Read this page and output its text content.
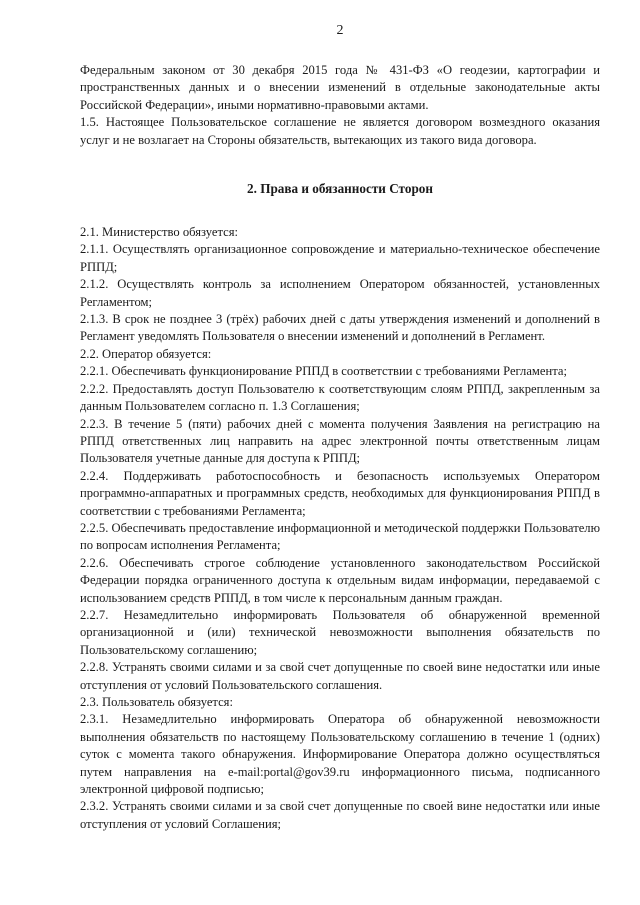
2

Федеральным законом от 30 декабря 2015 года № 431-ФЗ «О геодезии, картографии и пространственных данных и о внесении изменений в отдельные законодательные акты Российской Федерации», иными нормативно-правовыми актами.

1.5. Настоящее Пользовательское соглашение не является договором возмездного оказания услуг и не возлагает на Стороны обязательств, вытекающих из такого вида договора.

2. Права и обязанности Сторон

2.1. Министерство обязуется:

2.1.1. Осуществлять организационное сопровождение и материально-техническое обеспечение РППД;

2.1.2. Осуществлять контроль за исполнением Оператором обязанностей, установленных Регламентом;

2.1.3. В срок не позднее 3 (трёх) рабочих дней с даты утверждения изменений и дополнений в Регламент уведомлять Пользователя о внесении изменений и дополнений в Регламент.

2.2. Оператор обязуется:

2.2.1. Обеспечивать функционирование РППД в соответствии с требованиями Регламента;

2.2.2. Предоставлять доступ Пользователю к соответствующим слоям РППД, закрепленным за данным Пользователем согласно п. 1.3 Соглашения;

2.2.3. В течение 5 (пяти) рабочих дней с момента получения Заявления на регистрацию на РППД ответственных лиц направить на адрес электронной почты ответственным лицам Пользователя учетные данные для доступа к РППД;

2.2.4. Поддерживать работоспособность и безопасность используемых Оператором программно-аппаратных и программных средств, необходимых для функционирования РППД в соответствии с требованиями Регламента;

2.2.5. Обеспечивать предоставление информационной и методической поддержки Пользователю по вопросам исполнения Регламента;

2.2.6. Обеспечивать строгое соблюдение установленного законодательством Российской Федерации порядка ограниченного доступа к отдельным видам информации, передаваемой с использованием средств РППД, в том числе к персональным данным граждан.

2.2.7. Незамедлительно информировать Пользователя об обнаруженной временной организационной и (или) технической невозможности выполнения обязательств по Пользовательскому соглашению;

2.2.8. Устранять своими силами и за свой счет допущенные по своей вине недостатки или иные отступления от условий Пользовательского соглашения.

2.3. Пользователь обязуется:

2.3.1. Незамедлительно информировать Оператора об обнаруженной невозможности выполнения обязательств по настоящему Пользовательскому соглашению в течение 1 (одних) суток с момента такого обнаружения. Информирование Оператора должно осуществляться путем направления на e-mail:portal@gov39.ru информационного письма, подписанного электронной цифровой подписью;

2.3.2. Устранять своими силами и за свой счет допущенные по своей вине недостатки или иные отступления от условий Соглашения;
